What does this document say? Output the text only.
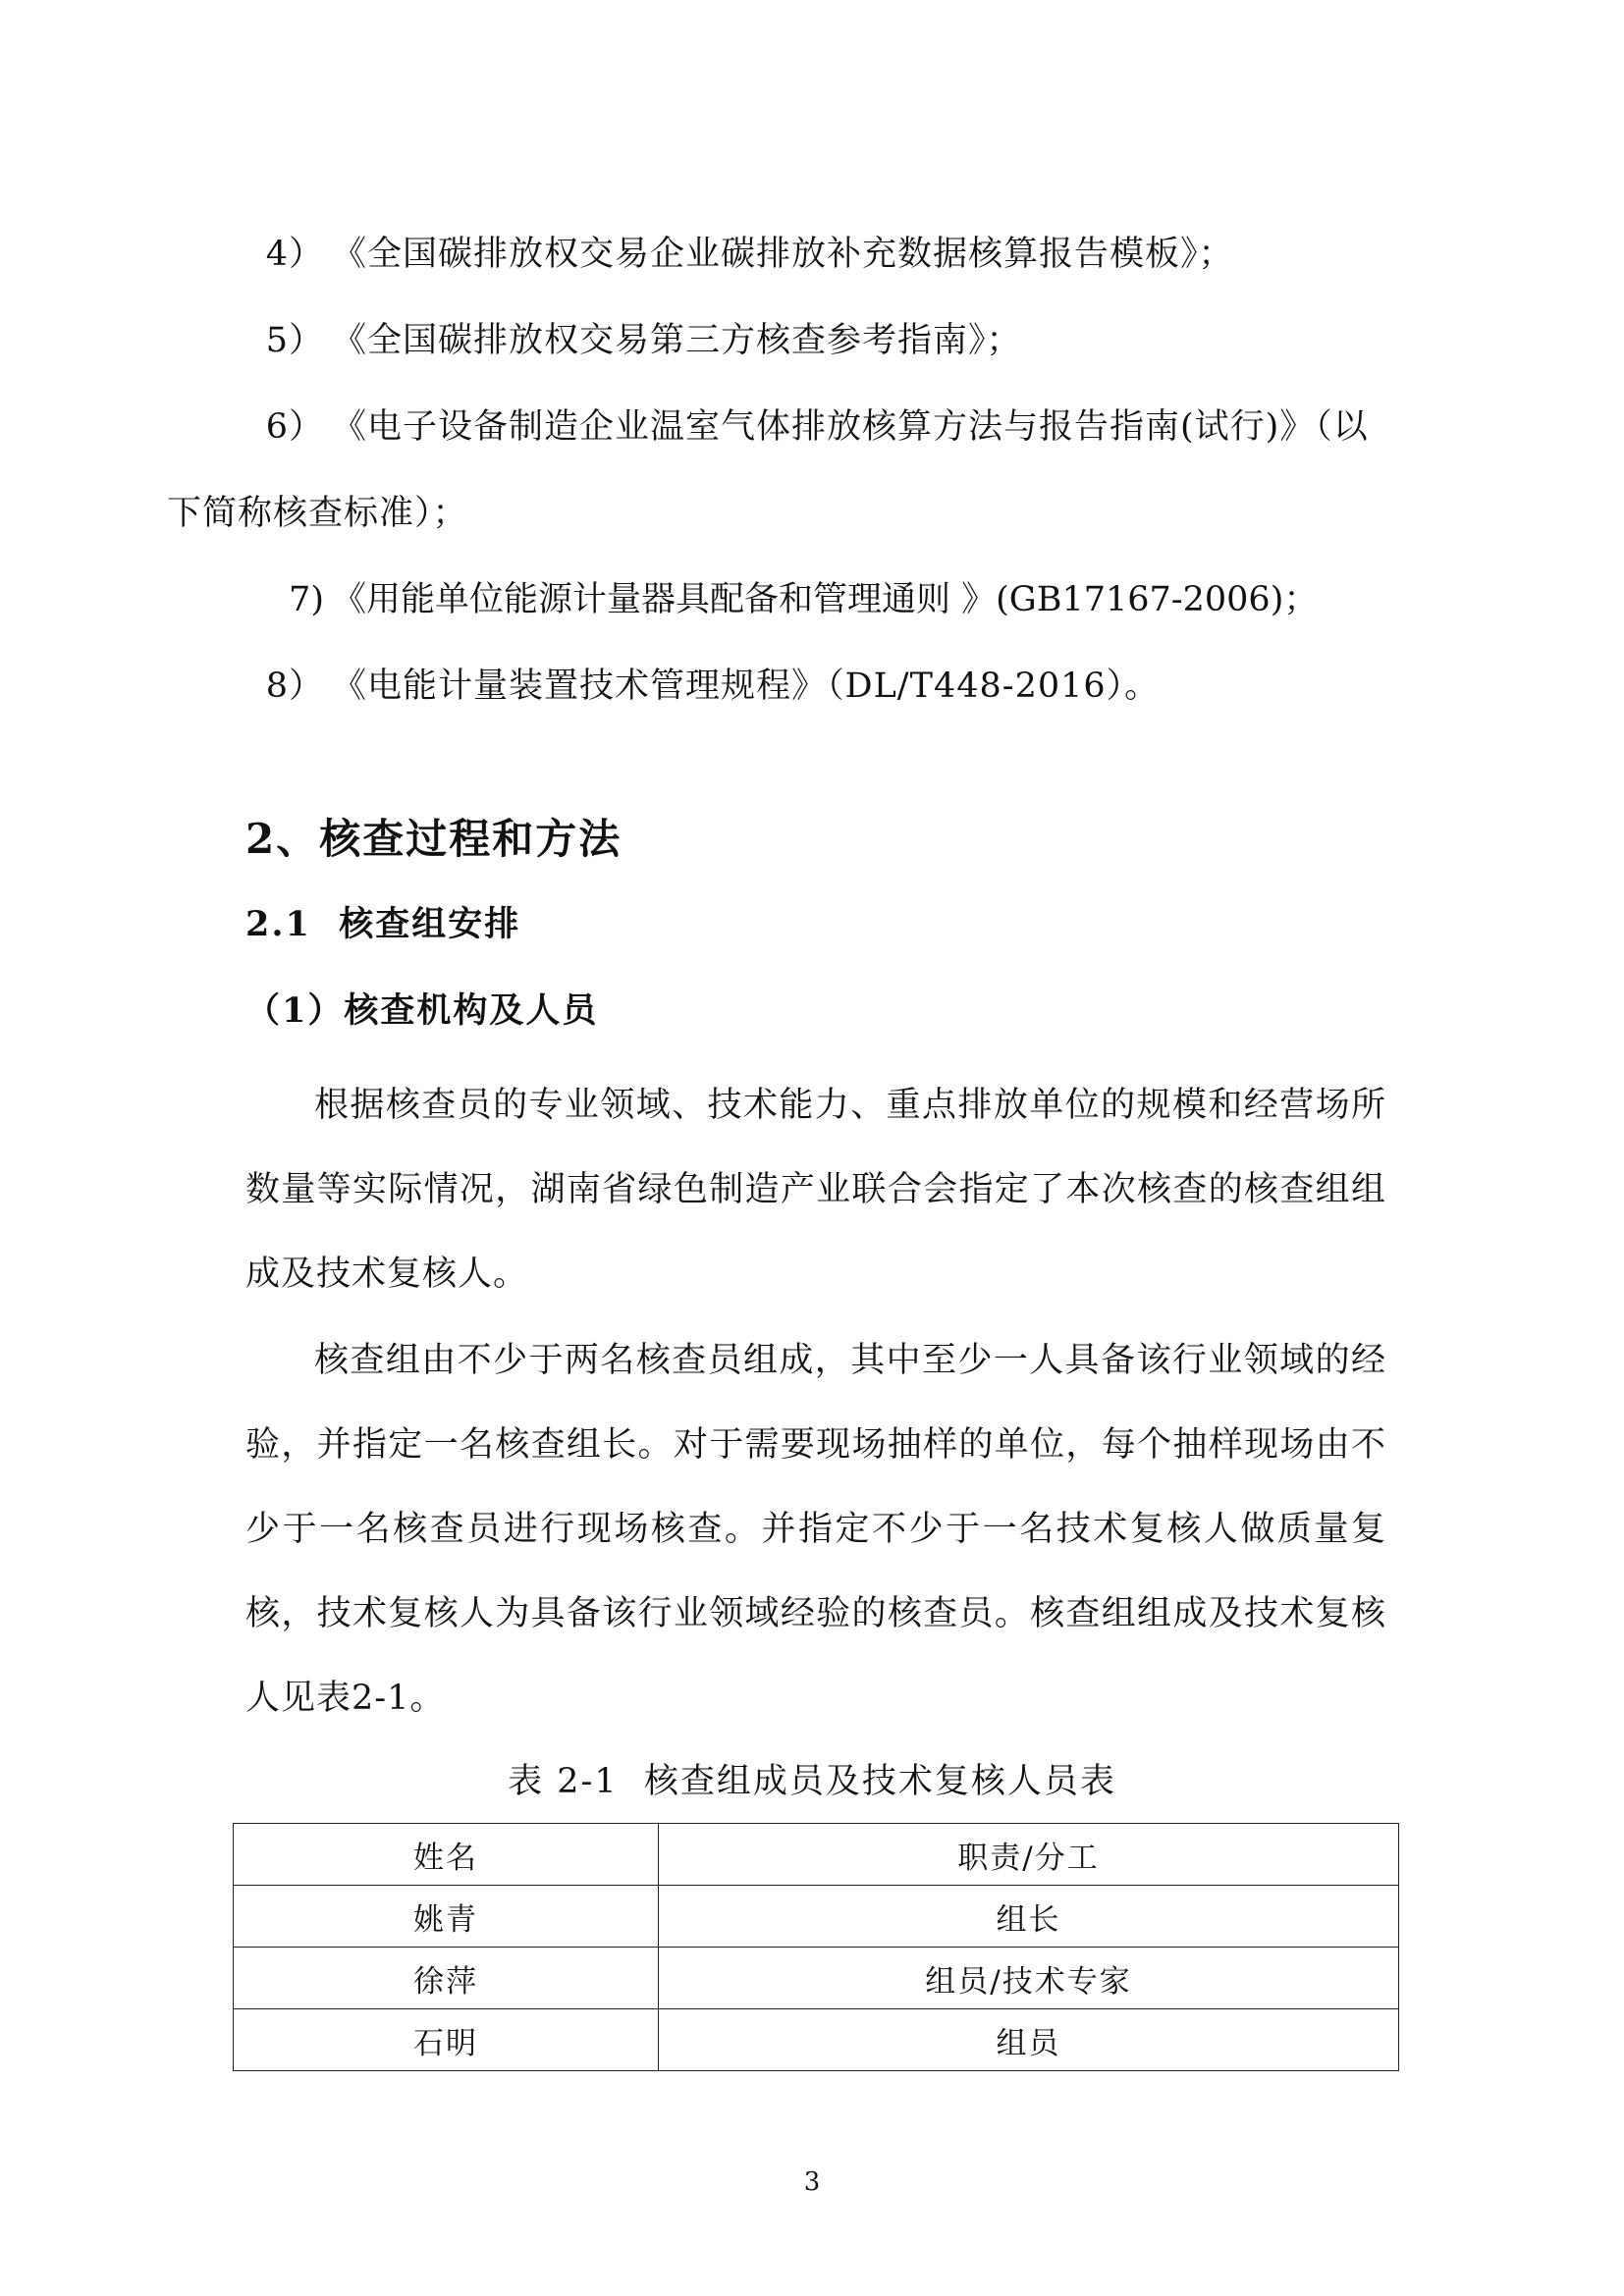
4） 《全国碳排放权交易企业碳排放补充数据核算报告模板》；

5） 《全国碳排放权交易第三方核查参考指南》；

6） 《电子设备制造企业温室气体排放核算方法与报告指南(试行)》（以下简称核查标准）；

7) 《用能单位能源计量器具配备和管理通则 》(GB17167-2006)；

8） 《电能计量装置技术管理规程》（DL/T448-2016）。

2、核查过程和方法
2.1  核查组安排
（1）核查机构及人员

根据核查员的专业领域、技术能力、重点排放单位的规模和经营场所数量等实际情况，湖南省绿色制造产业联合会指定了本次核查的核查组组成及技术复核人。

核查组由不少于两名核查员组成，其中至少一人具备该行业领域的经验，并指定一名核查组长。对于需要现场抽样的单位，每个抽样现场由不少于一名核查员进行现场核查。并指定不少于一名技术复核人做质量复核，技术复核人为具备该行业领域经验的核查员。核查组组成及技术复核人见表2-1。

表 2-1  核查组成员及技术复核人员表

姓名	职责/分工
姚青	组长
徐萍	组员/技术专家
石明	组员
3
